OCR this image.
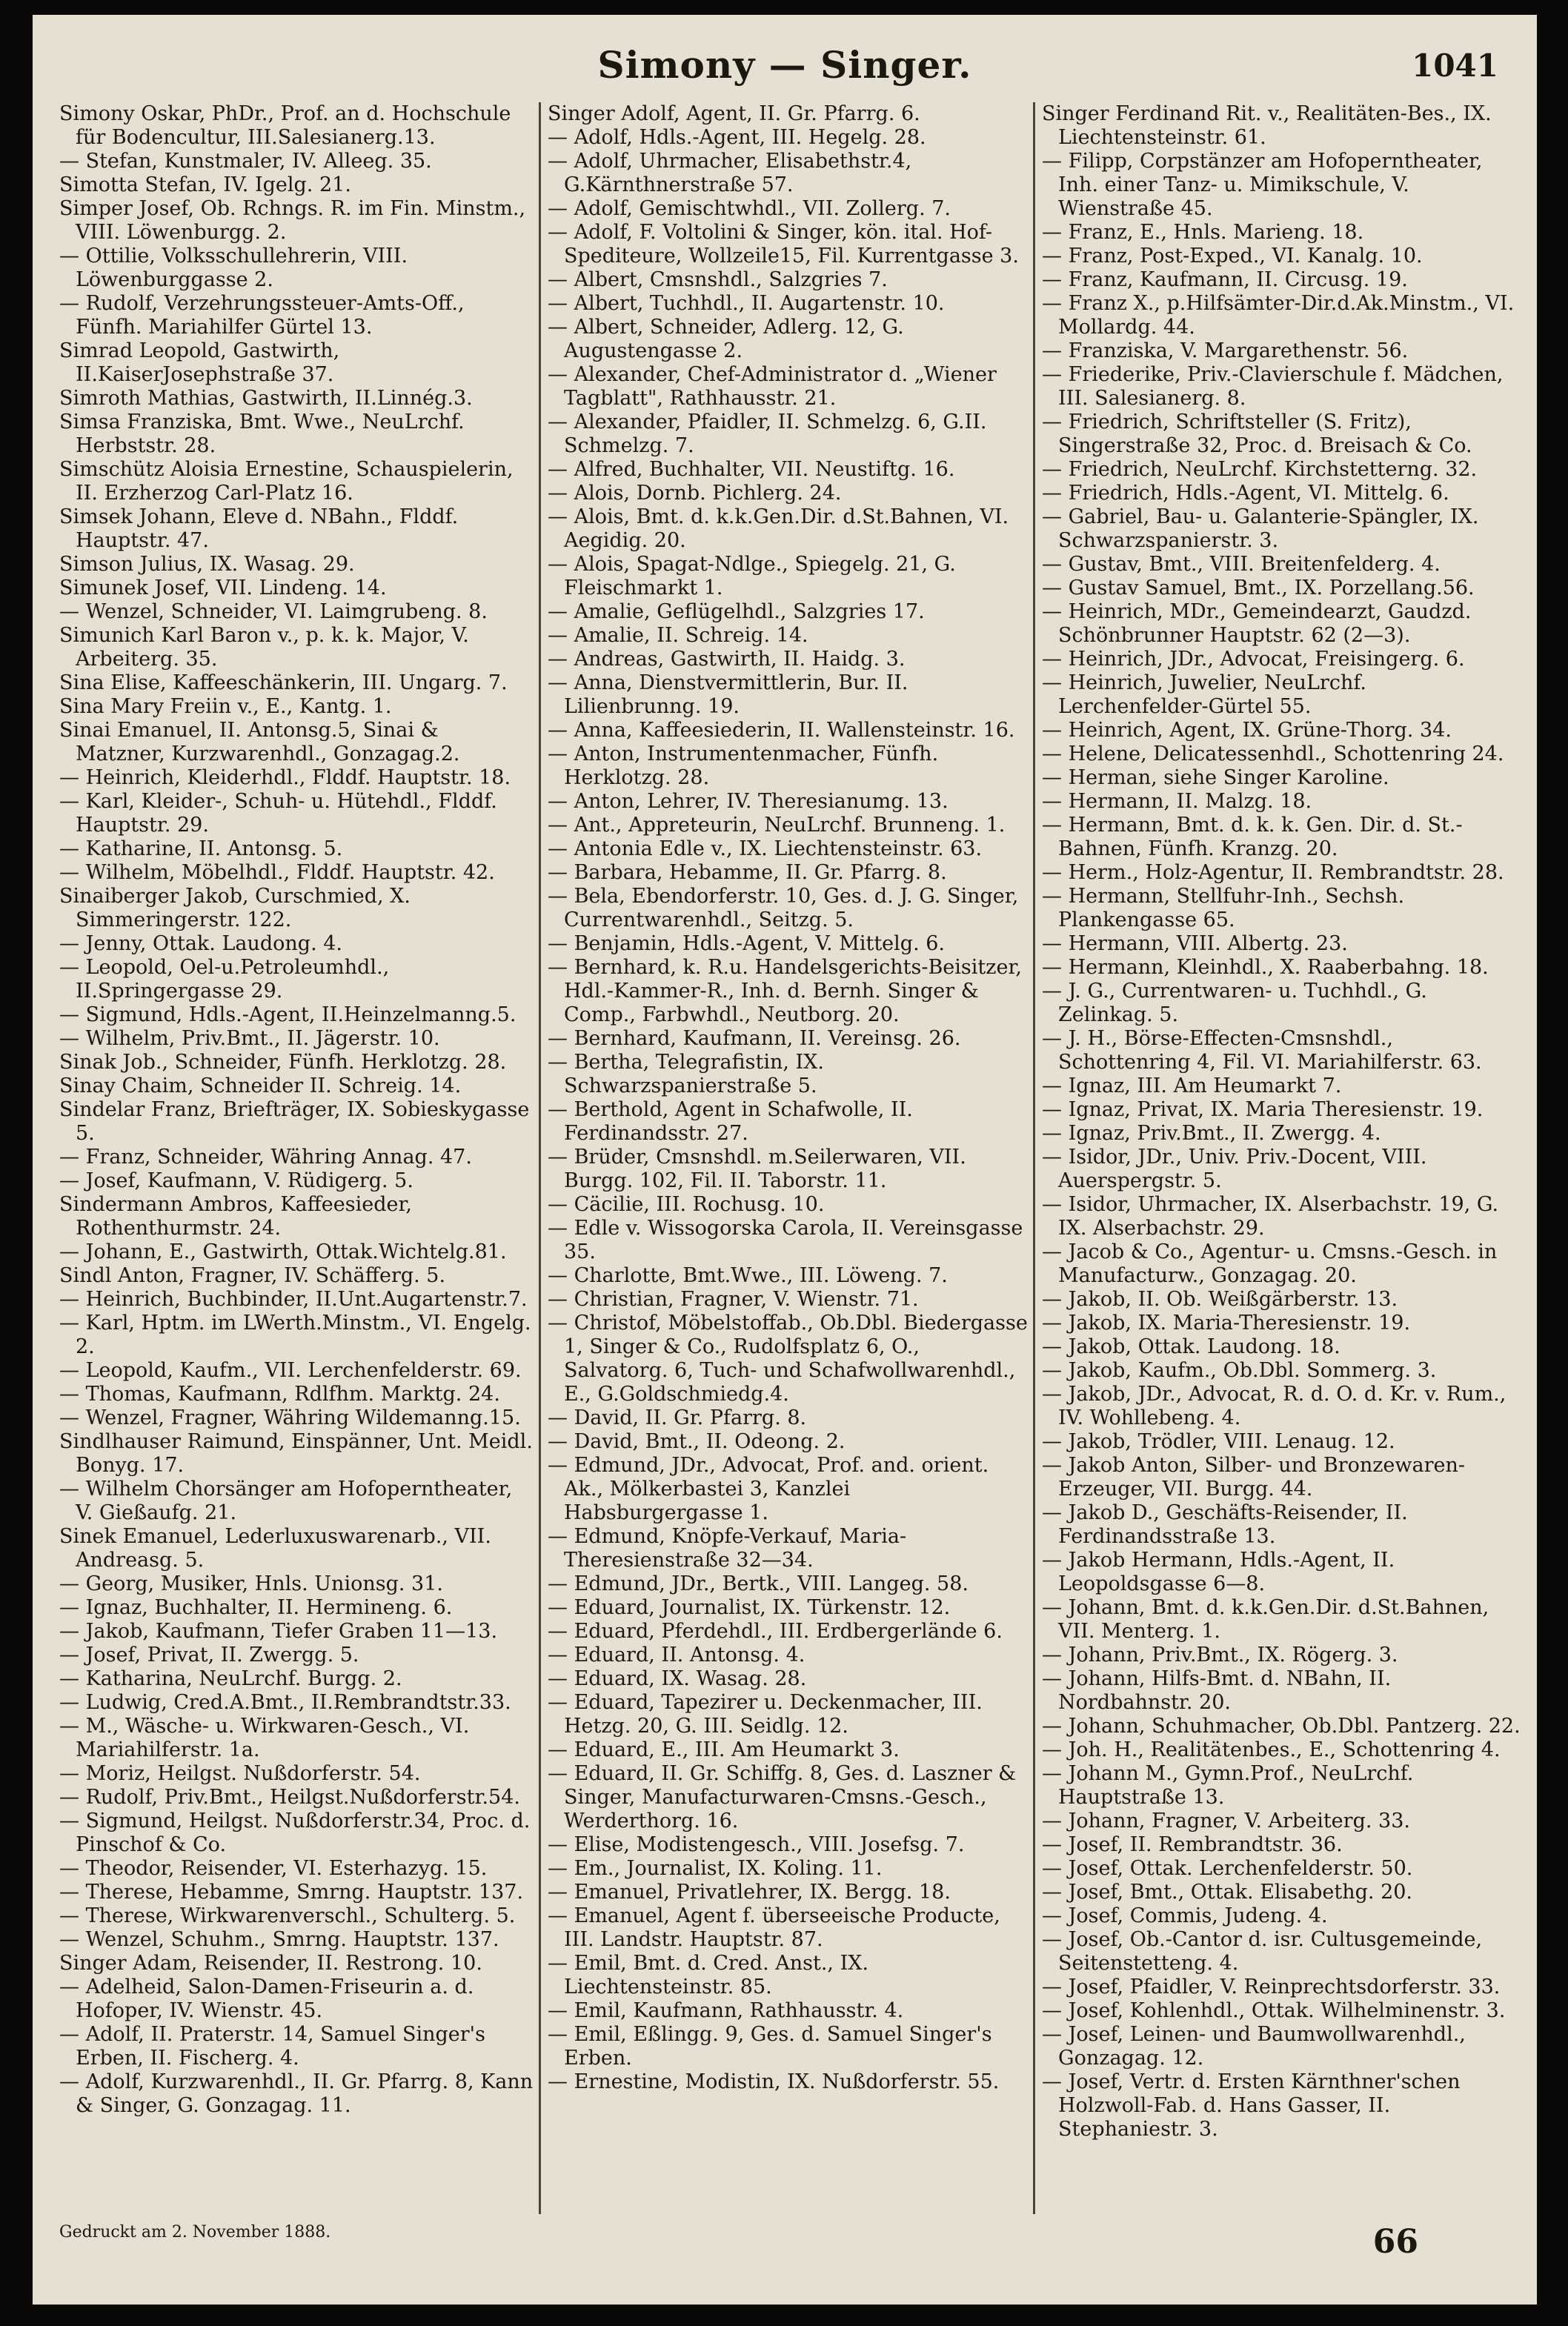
Simony — Singer.	1041
Simony Oskar, PhDr., Prof. an d. Hochschule für Bodencultur, III.Salesianerg.13.
— Stefan, Kunstmaler, IV. Alleeg. 35.
Simotta Stefan, IV. Igelg. 21.
Simper Josef, Ob. Rchngs. R. im Fin. Minstm., VIII. Löwenburgg. 2.
— Ottilie, Volksschullehrerin, VIII. Löwenburggasse 2.
— Rudolf, Verzehrungssteuer-Amts-Off., Fünfh. Mariahilfer Gürtel 13.
Simrad Leopold, Gastwirth, II.KaiserJosephstraße 37.
Simroth Mathias, Gastwirth, II.Linnég.3.
Simsa Franziska, Bmt. Wwe., NeuLrchf. Herbststr. 28.
Simschütz Aloisia Ernestine, Schauspielerin, II. Erzherzog Carl-Platz 16.
Simsek Johann, Eleve d. NBahn., Flddf. Hauptstr. 47.
Simson Julius, IX. Wasag. 29.
Simunek Josef, VII. Lindeng. 14.
— Wenzel, Schneider, VI. Laimgrubeng. 8.
Simunich Karl Baron v., p. k. k. Major, V. Arbeiterg. 35.
Sina Elise, Kaffeeschänkerin, III. Ungarg. 7.
Sina Mary Freiin v., E., Kantg. 1.
Sinai Emanuel, II. Antonsg.5, Sinai & Matzner, Kurzwarenhdl., Gonzagag.2.
— Heinrich, Kleiderhdl., Flddf. Hauptstr. 18.
— Karl, Kleider-, Schuh- u. Hütehdl., Flddf. Hauptstr. 29.
— Katharine, II. Antonsg. 5.
— Wilhelm, Möbelhdl., Flddf. Hauptstr. 42.
Sinaiberger Jakob, Curschmied, X. Simmeringerstr. 122.
— Jenny, Ottak. Laudong. 4.
— Leopold, Oel-u.Petroleumhdl., II.Springergasse 29.
— Sigmund, Hdls.-Agent, II.Heinzelmanng.5.
— Wilhelm, Priv.Bmt., II. Jägerstr. 10.
Sinak Job., Schneider, Fünfh. Herklotzg. 28.
Sinay Chaim, Schneider II. Schreig. 14.
Sindelar Franz, Briefträger, IX. Sobieskygasse 5.
— Franz, Schneider, Währing Annag. 47.
— Josef, Kaufmann, V. Rüdigerg. 5.
Sindermann Ambros, Kaffeesieder, Rothenthurmstr. 24.
— Johann, E., Gastwirth, Ottak.Wichtelg.81.
Sindl Anton, Fragner, IV. Schäfferg. 5.
— Heinrich, Buchbinder, II.Unt.Augartenstr.7.
— Karl, Hptm. im LWerth.Minstm., VI. Engelg. 2.
— Leopold, Kaufm., VII. Lerchenfelderstr. 69.
— Thomas, Kaufmann, Rdlfhm. Marktg. 24.
— Wenzel, Fragner, Währing Wildemanng.15.
Sindlhauser Raimund, Einspänner, Unt. Meidl. Bonyg. 17.
— Wilhelm Chorsänger am Hofoperntheater, V. Gießaufg. 21.
Sinek Emanuel, Lederluxuswarenarb., VII. Andreasg. 5.
— Georg, Musiker, Hnls. Unionsg. 31.
— Ignaz, Buchhalter, II. Hermineng. 6.
— Jakob, Kaufmann, Tiefer Graben 11—13.
— Josef, Privat, II. Zwergg. 5.
— Katharina, NeuLrchf. Burgg. 2.
— Ludwig, Cred.A.Bmt., II.Rembrandtstr.33.
— M., Wäsche- u. Wirkwaren-Gesch., VI. Mariahilferstr. 1a.
— Moriz, Heilgst. Nußdorferstr. 54.
— Rudolf, Priv.Bmt., Heilgst.Nußdorferstr.54.
— Sigmund, Heilgst. Nußdorferstr.34, Proc. d. Pinschof & Co.
— Theodor, Reisender, VI. Esterhazyg. 15.
— Therese, Hebamme, Smrng. Hauptstr. 137.
— Therese, Wirkwarenverschl., Schulterg. 5.
— Wenzel, Schuhm., Smrng. Hauptstr. 137.
Singer Adam, Reisender, II. Restrong. 10.
— Adelheid, Salon-Damen-Friseurin a. d. Hofoper, IV. Wienstr. 45.
— Adolf, II. Praterstr. 14, Samuel Singer's Erben, II. Fischerg. 4.
— Adolf, Kurzwarenhdl., II. Gr. Pfarrg. 8, Kann & Singer, G. Gonzagag. 11.
Singer Adolf, Agent, II. Gr. Pfarrg. 6.
— Adolf, Hdls.-Agent, III. Hegelg. 28.
— Adolf, Uhrmacher, Elisabethstr.4, G.Kärnthnerstraße 57.
— Adolf, Gemischtwhdl., VII. Zollerg. 7.
— Adolf, F. Voltolini & Singer, kön. ital. Hof-Spediteure, Wollzeile15, Fil. Kurrentgasse 3.
— Albert, Cmsnshdl., Salzgries 7.
— Albert, Tuchhdl., II. Augartenstr. 10.
— Albert, Schneider, Adlerg. 12, G. Augustengasse 2.
— Alexander, Chef-Administrator d. „Wiener Tagblatt", Rathhausstr. 21.
— Alexander, Pfaidler, II. Schmelzg. 6, G.II. Schmelzg. 7.
— Alfred, Buchhalter, VII. Neustiftg. 16.
— Alois, Dornb. Pichlerg. 24.
— Alois, Bmt. d. k.k.Gen.Dir. d.St.Bahnen, VI. Aegidig. 20.
— Alois, Spagat-Ndlge., Spiegelg. 21, G. Fleischmarkt 1.
— Amalie, Geflügelhdl., Salzgries 17.
— Amalie, II. Schreig. 14.
— Andreas, Gastwirth, II. Haidg. 3.
— Anna, Dienstvermittlerin, Bur. II. Lilienbrunng. 19.
— Anna, Kaffeesiederin, II. Wallensteinstr. 16.
— Anton, Instrumentenmacher, Fünfh. Herklotzg. 28.
— Anton, Lehrer, IV. Theresianumg. 13.
— Ant., Appreteurin, NeuLrchf. Brunneng. 1.
— Antonia Edle v., IX. Liechtensteinstr. 63.
— Barbara, Hebamme, II. Gr. Pfarrg. 8.
— Bela, Ebendorferstr. 10, Ges. d. J. G. Singer, Currentwarenhdl., Seitzg. 5.
— Benjamin, Hdls.-Agent, V. Mittelg. 6.
— Bernhard, k. R.u. Handelsgerichts-Beisitzer, Hdl.-Kammer-R., Inh. d. Bernh. Singer & Comp., Farbwhdl., Neutborg. 20.
— Bernhard, Kaufmann, II. Vereinsg. 26.
— Bertha, Telegrafistin, IX. Schwarzspanierstraße 5.
— Berthold, Agent in Schafwolle, II. Ferdinandsstr. 27.
— Brüder, Cmsnshdl. m.Seilerwaren, VII. Burgg. 102, Fil. II. Taborstr. 11.
— Cäcilie, III. Rochusg. 10.
— Edle v. Wissogorska Carola, II. Vereinsgasse 35.
— Charlotte, Bmt.Wwe., III. Löweng. 7.
— Christian, Fragner, V. Wienstr. 71.
— Christof, Möbelstoffab., Ob.Dbl. Biedergasse 1, Singer & Co., Rudolfsplatz 6, O., Salvatorg. 6, Tuch- und Schafwollwarenhdl., E., G.Goldschmiedg.4.
— David, II. Gr. Pfarrg. 8.
— David, Bmt., II. Odeong. 2.
— Edmund, JDr., Advocat, Prof. and. orient. Ak., Mölkerbastei 3, Kanzlei Habsburgergasse 1.
— Edmund, Knöpfe-Verkauf, Maria-Theresienstraße 32—34.
— Edmund, JDr., Bertk., VIII. Langeg. 58.
— Eduard, Journalist, IX. Türkenstr. 12.
— Eduard, Pferdehdl., III. Erdbergerlände 6.
— Eduard, II. Antonsg. 4.
— Eduard, IX. Wasag. 28.
— Eduard, Tapezirer u. Deckenmacher, III. Hetzg. 20, G. III. Seidlg. 12.
— Eduard, E., III. Am Heumarkt 3.
— Eduard, II. Gr. Schiffg. 8, Ges. d. Laszner & Singer, Manufacturwaren-Cmsns.-Gesch., Werderthorg. 16.
— Elise, Modistengesch., VIII. Josefsg. 7.
— Em., Journalist, IX. Koling. 11.
— Emanuel, Privatlehrer, IX. Bergg. 18.
— Emanuel, Agent f. überseeische Producte, III. Landstr. Hauptstr. 87.
— Emil, Bmt. d. Cred. Anst., IX. Liechtensteinstr. 85.
— Emil, Kaufmann, Rathhausstr. 4.
— Emil, Eßlingg. 9, Ges. d. Samuel Singer's Erben.
— Ernestine, Modistin, IX. Nußdorferstr. 55.
Singer Ferdinand Rit. v., Realitäten-Bes., IX. Liechtensteinstr. 61.
— Filipp, Corpstänzer am Hofoperntheater, Inh. einer Tanz- u. Mimikschule, V. Wienstraße 45.
— Franz, E., Hnls. Marieng. 18.
— Franz, Post-Exped., VI. Kanalg. 10.
— Franz, Kaufmann, II. Circusg. 19.
— Franz X., p.Hilfsämter-Dir.d.Ak.Minstm., VI. Mollardg. 44.
— Franziska, V. Margarethenstr. 56.
— Friederike, Priv.-Clavierschule f. Mädchen, III. Salesianerg. 8.
— Friedrich, Schriftsteller (S. Fritz), Singerstraße 32, Proc. d. Breisach & Co.
— Friedrich, NeuLrchf. Kirchstetterng. 32.
— Friedrich, Hdls.-Agent, VI. Mittelg. 6.
— Gabriel, Bau- u. Galanterie-Spängler, IX. Schwarzspanierstr. 3.
— Gustav, Bmt., VIII. Breitenfelderg. 4.
— Gustav Samuel, Bmt., IX. Porzellang.56.
— Heinrich, MDr., Gemeindearzt, Gaudzd. Schönbrunner Hauptstr. 62 (2—3).
— Heinrich, JDr., Advocat, Freisingerg. 6.
— Heinrich, Juwelier, NeuLrchf. Lerchenfelder-Gürtel 55.
— Heinrich, Agent, IX. Grüne-Thorg. 34.
— Helene, Delicatessenhdl., Schottenring 24.
— Herman, siehe Singer Karoline.
— Hermann, II. Malzg. 18.
— Hermann, Bmt. d. k. k. Gen. Dir. d. St.-Bahnen, Fünfh. Kranzg. 20.
— Herm., Holz-Agentur, II. Rembrandtstr. 28.
— Hermann, Stellfuhr-Inh., Sechsh. Plankengasse 65.
— Hermann, VIII. Albertg. 23.
— Hermann, Kleinhdl., X. Raaberbahng. 18.
— J. G., Currentwaren- u. Tuchhdl., G. Zelinkag. 5.
— J. H., Börse-Effecten-Cmsnshdl., Schottenring 4, Fil. VI. Mariahilferstr. 63.
— Ignaz, III. Am Heumarkt 7.
— Ignaz, Privat, IX. Maria Theresienstr. 19.
— Ignaz, Priv.Bmt., II. Zwergg. 4.
— Isidor, JDr., Univ. Priv.-Docent, VIII. Auerspergstr. 5.
— Isidor, Uhrmacher, IX. Alserbachstr. 19, G. IX. Alserbachstr. 29.
— Jacob & Co., Agentur- u. Cmsns.-Gesch. in Manufacturw., Gonzagag. 20.
— Jakob, II. Ob. Weißgärberstr. 13.
— Jakob, IX. Maria-Theresienstr. 19.
— Jakob, Ottak. Laudong. 18.
— Jakob, Kaufm., Ob.Dbl. Sommerg. 3.
— Jakob, JDr., Advocat, R. d. O. d. Kr. v. Rum., IV. Wohllebeng. 4.
— Jakob, Trödler, VIII. Lenaug. 12.
— Jakob Anton, Silber- und Bronzewaren-Erzeuger, VII. Burgg. 44.
— Jakob D., Geschäfts-Reisender, II. Ferdinandsstraße 13.
— Jakob Hermann, Hdls.-Agent, II. Leopoldsgasse 6—8.
— Johann, Bmt. d. k.k.Gen.Dir. d.St.Bahnen, VII. Menterg. 1.
— Johann, Priv.Bmt., IX. Rögerg. 3.
— Johann, Hilfs-Bmt. d. NBahn, II. Nordbahnstr. 20.
— Johann, Schuhmacher, Ob.Dbl. Pantzerg. 22.
— Joh. H., Realitätenbes., E., Schottenring 4.
— Johann M., Gymn.Prof., NeuLrchf. Hauptstraße 13.
— Johann, Fragner, V. Arbeiterg. 33.
— Josef, II. Rembrandtstr. 36.
— Josef, Ottak. Lerchenfelderstr. 50.
— Josef, Bmt., Ottak. Elisabethg. 20.
— Josef, Commis, Judeng. 4.
— Josef, Ob.-Cantor d. isr. Cultusgemeinde, Seitenstetteng. 4.
— Josef, Pfaidler, V. Reinprechtsdorferstr. 33.
— Josef, Kohlenhdl., Ottak. Wilhelminenstr. 3.
— Josef, Leinen- und Baumwollwarenhdl., Gonzagag. 12.
— Josef, Vertr. d. Ersten Kärnthner'schen Holzwoll-Fab. d. Hans Gasser, II. Stephaniestr. 3.
Gedruckt am 2. November 1888.	66
